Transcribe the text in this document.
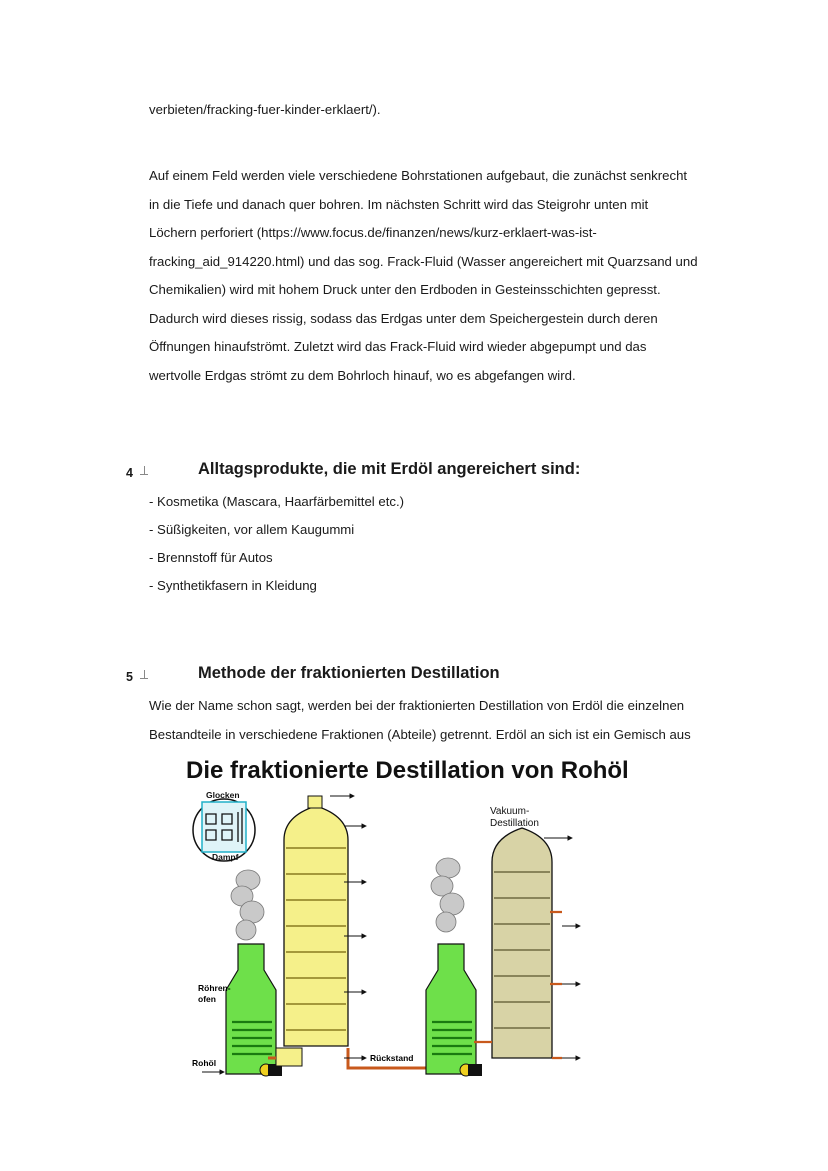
verbieten/fracking-fuer-kinder-erklaert/).
Auf einem Feld werden viele verschiedene Bohrstationen aufgebaut, die zunächst senkrecht
in die Tiefe und danach quer bohren. Im nächsten Schritt wird das Steigrohr unten mit
Löchern perforiert (https://www.focus.de/finanzen/news/kurz-erklaert-was-ist-
fracking_aid_914220.html) und das sog. Frack-Fluid (Wasser angereichert mit Quarzsand und
Chemikalien) wird mit hohem Druck unter den Erdboden in Gesteinsschichten gepresst.
Dadurch wird dieses rissig, sodass das Erdgas unter dem Speichergestein durch deren
Öffnungen hinaufströmt. Zuletzt wird das Frack-Fluid wird wieder abgepumpt und das
wertvolle Erdgas strömt zu dem Bohrloch hinauf, wo es abgefangen wird.
4	Alltagsprodukte, die mit Erdöl angereichert sind:
- Kosmetika (Mascara, Haarfärbemittel etc.)
- Süßigkeiten, vor allem Kaugummi
- Brennstoff für Autos
- Synthetikfasern in Kleidung
5	Methode der fraktionierten Destillation
Wie der Name schon sagt, werden bei der fraktionierten Destillation von Erdöl die einzelnen
Bestandteile in verschiedene Fraktionen (Abteile) getrennt. Erdöl an sich ist ein Gemisch aus
Die fraktionierte Destillation von Rohöl
Glocken
Dampf
Röhren-
ofen
Rohöl
Vakuum-
Destillation
Rückstand
